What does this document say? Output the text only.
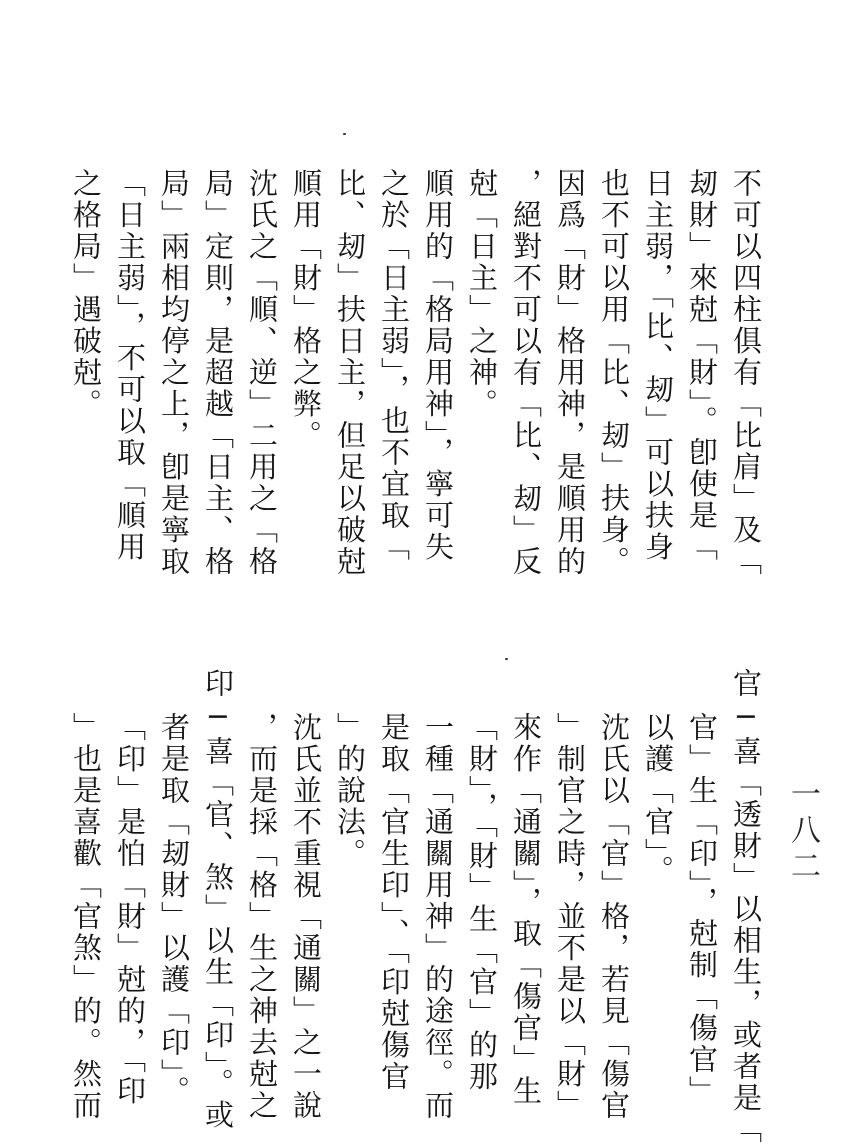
一八二
不可以四柱俱有「比肩」及「
刼財」來尅「財」。卽使是「
日主弱，「比、刼」可以扶身
也不可以用「比、刼」扶身。
因爲「財」格用神，是順用的
，絕對不可以有「比、刼」反
尅「日主」之神。
順用的「格局用神」，寧可失
之於「日主弱」，也不宜取「
比、刼」扶日主，但足以破尅
順用「財」格之弊。
沈氏之「順、逆」二用之「格
局」定則，是超越「日主、格
局」兩相均停之上，卽是寧取
「日主弱」，不可以取「順用
之格局」遇破尅。
官─喜「透財」以相生，或者是「
官」生「印」，尅制「傷官」
以護「官」。
沈氏以「官」格，若見「傷官
」制官之時，並不是以「財」
來作「通關」，取「傷官」生
「財」，「財」生「官」的那
一種「通關用神」的途徑。而
是取「官生印」、「印尅傷官
」的說法。
沈氏並不重視「通關」之一說
，而是採「格」生之神去尅之
印─喜「官、煞」以生「印」。或
者是取「刼財」以護「印」。
「印」是怕「財」尅的，「印
」也是喜歡「官煞」的。然而
